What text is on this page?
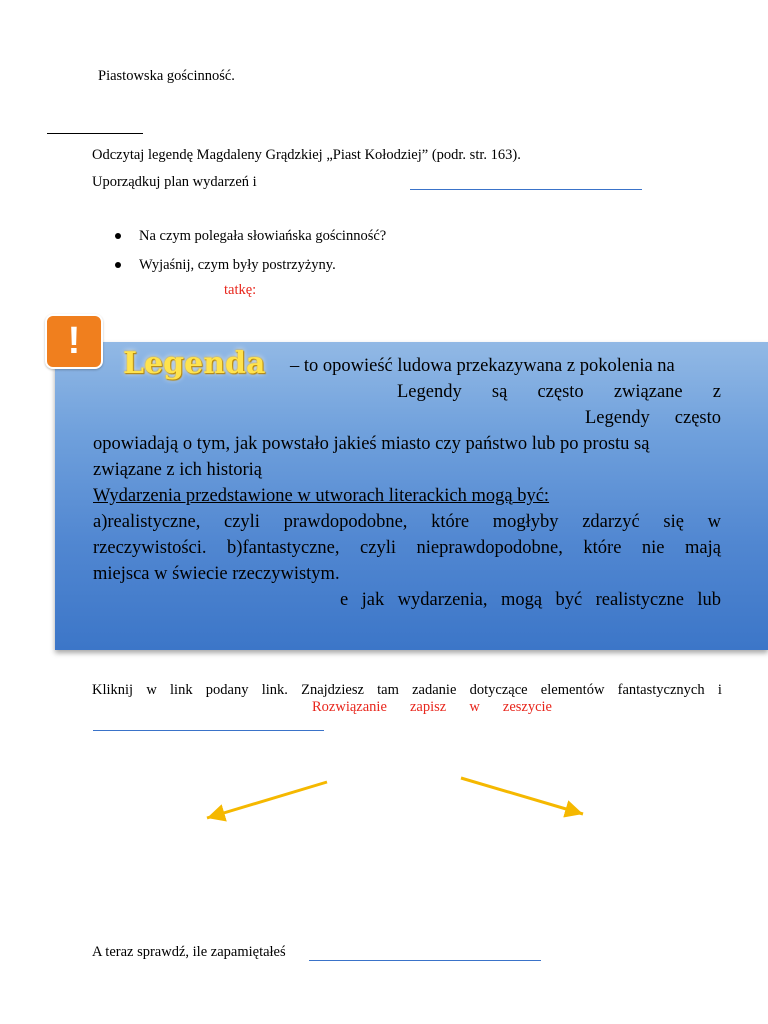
Piastowska gościnność.
Odczytaj legendę Magdaleny Grądzkiej „Piast Kołodziej” (podr. str. 163).
Uporządkuj plan wydarzeń i
Na czym polegała słowiańska gościnność?
Wyjaśnij, czym były postrzyżyny.
tatkę:
!
Legenda – to opowieść ludowa przekazywana z pokolenia na
Legendy są często związane z
Legendy często
opowiadają o tym, jak powstało jakieś miasto czy państwo lub po prostu są
związane z ich historią
Wydarzenia przedstawione w utworach literackich mogą być:
a)realistyczne, czyli prawdopodobne, które mogłyby zdarzyć się w
rzeczywistości. b)fantastyczne, czyli nieprawdopodobne, które nie mają
miejsca w świecie rzeczywistym.
e jak wydarzenia, mogą być realistyczne lub
Kliknij w link podany link. Znajdziesz tam zadanie dotyczące elementów fantastycznych i
Rozwiązanie zapisz w zeszycie
A teraz sprawdź, ile zapamiętałeś
